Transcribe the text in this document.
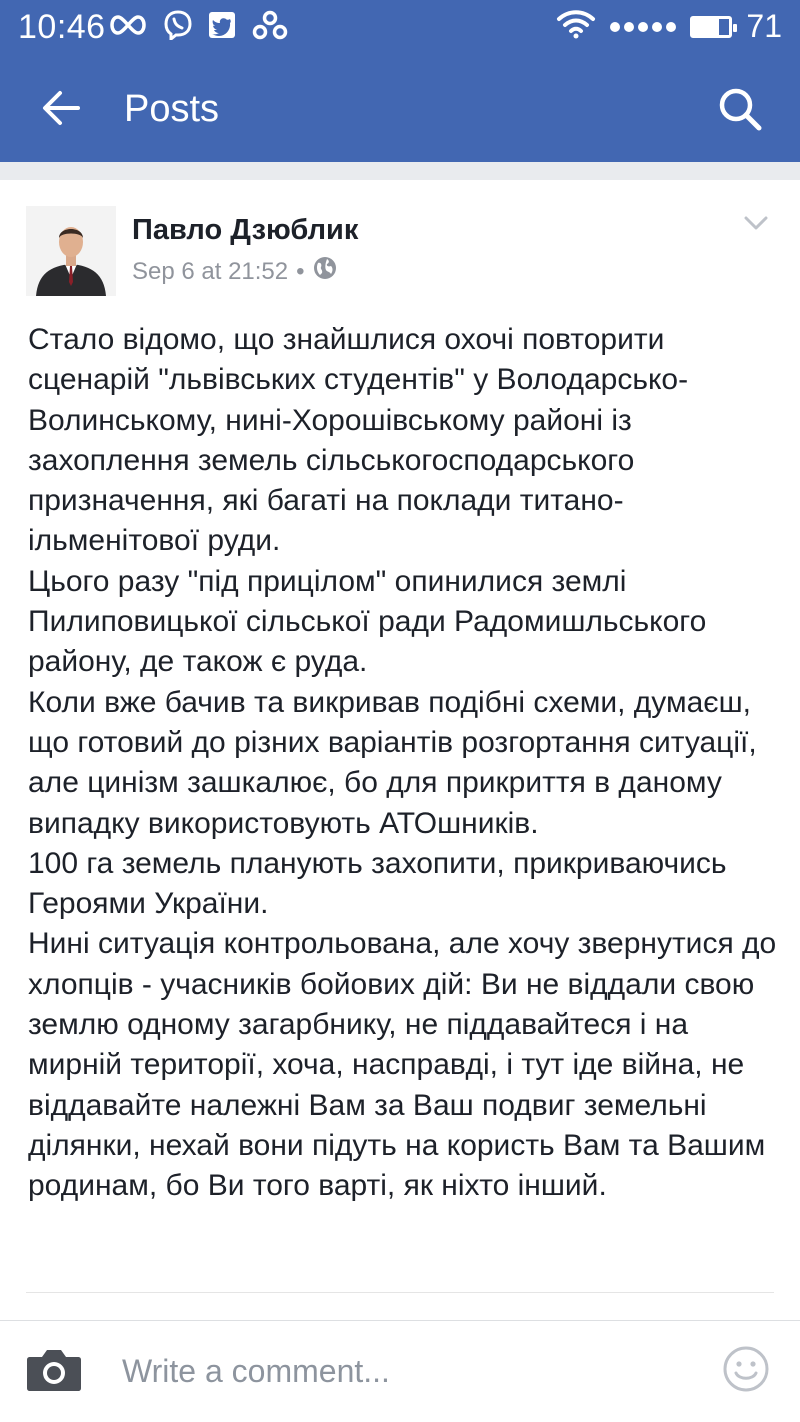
10:46	71
Posts
Павло Дзюблик
Sep 6 at 21:52 •

Стало відомо, що знайшлися охочі повторити сценарій "львівських студентів" у Володарсько-Волинському, нині-Хорошівському районі із захоплення земель сільськогосподарського призначення, які багаті на поклади титано-ільменітової руди.

Цього разу "під прицілом" опинилися землі Пилиповицької сільської ради Радомишльського району, де також є руда.

Коли вже бачив та викривав подібні схеми, думаєш, що готовий до різних варіантів розгортання ситуації, але цинізм зашкалює, бо для прикриття в даному випадку використовують АТОшників.

100 га земель планують захопити, прикриваючись Героями України.

Нині ситуація контрольована, але хочу звернутися до хлопців - учасників бойових дій: Ви не віддали свою землю одному загарбнику, не піддавайтеся і на мирній території, хоча, насправді, і тут іде війна, не віддавайте належні Вам за Ваш подвиг земельні ділянки, нехай вони підуть на користь Вам та Вашим родинам, бо Ви того варті, як ніхто інший.

Write a comment...
